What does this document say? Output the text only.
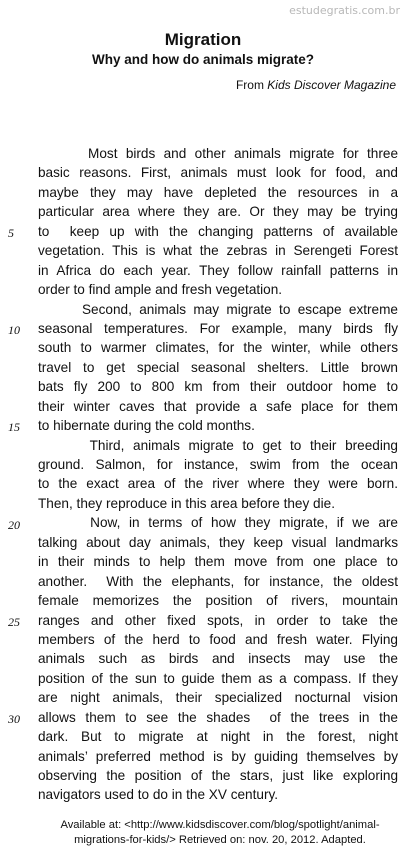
estudegratis.com.br
Migration
Why and how do animals migrate?
From Kids Discover Magazine
Most birds and other animals migrate for three
basic reasons. First, animals must look for food, and
maybe they may have depleted the resources in a
particular area where they are. Or they may be trying
to  keep up with the changing patterns of available
vegetation. This is what the zebras in Serengeti Forest
in Africa do each year. They follow rainfall patterns in
order to find ample and fresh vegetation.
Second, animals may migrate to escape extreme
seasonal temperatures. For example, many birds fly
south to warmer climates, for the winter, while others
travel to get special seasonal shelters. Little brown
bats fly 200 to 800 km from their outdoor home to
their winter caves that provide a safe place for them
to hibernate during the cold months.
Third, animals migrate to get to their breeding
ground. Salmon, for instance, swim from the ocean
to the exact area of the river where they were born.
Then, they reproduce in this area before they die.
Now, in terms of how they migrate, if we are
talking about day animals, they keep visual landmarks
in their minds to help them move from one place to
another.  With the elephants, for instance, the oldest
female memorizes the position of rivers, mountain
ranges and other fixed spots, in order to take the
members of the herd to food and fresh water. Flying
animals such as birds and insects may use the
position of the sun to guide them as a compass. If they
are night animals, their specialized nocturnal vision
allows them to see the shades  of the trees in the
dark. But to migrate at night in the forest, night
animals’ preferred method is by guiding themselves by
observing the position of the stars, just like exploring
navigators used to do in the XV century.
5
10
15
20
25
30
Available at: <http://www.kidsdiscover.com/blog/spotlight/animal-
migrations-for-kids/> Retrieved on: nov. 20, 2012. Adapted.
